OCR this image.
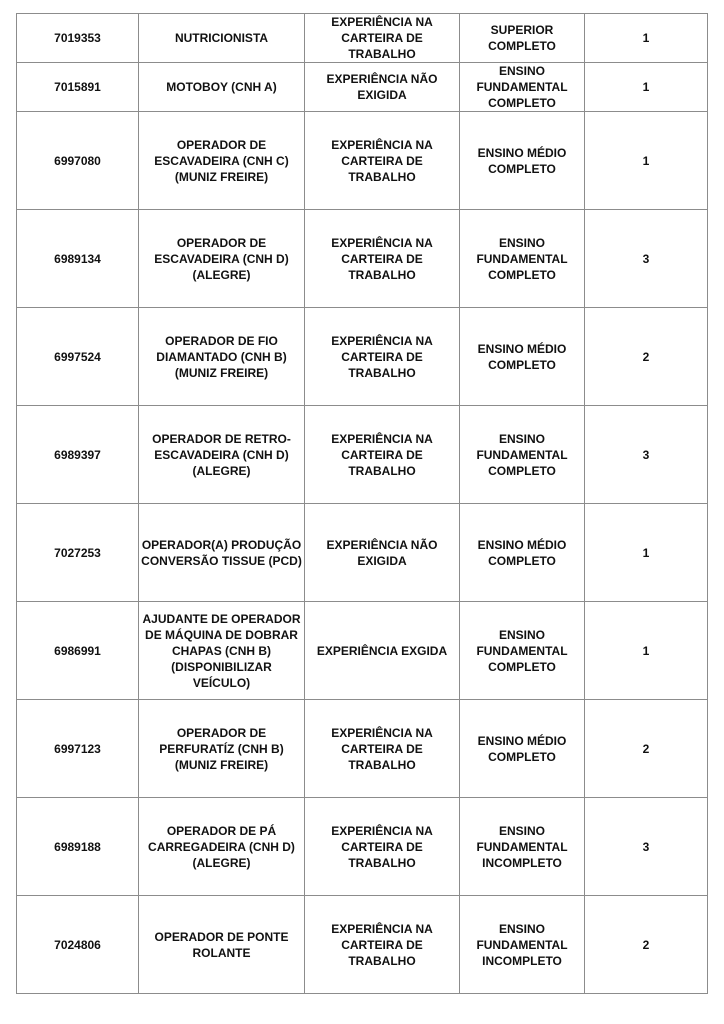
7019353	NUTRICIONISTA	EXPERIÊNCIA NA CARTEIRA DE TRABALHO	SUPERIOR COMPLETO	1
7015891	MOTOBOY (CNH A)	EXPERIÊNCIA NÃO EXIGIDA	ENSINO FUNDAMENTAL COMPLETO	1
6997080	OPERADOR DE ESCAVADEIRA (CNH C) (MUNIZ FREIRE)	EXPERIÊNCIA NA CARTEIRA DE TRABALHO	ENSINO MÉDIO COMPLETO	1
6989134	OPERADOR DE ESCAVADEIRA (CNH D) (ALEGRE)	EXPERIÊNCIA NA CARTEIRA DE TRABALHO	ENSINO FUNDAMENTAL COMPLETO	3
6997524	OPERADOR DE FIO DIAMANTADO (CNH B) (MUNIZ FREIRE)	EXPERIÊNCIA NA CARTEIRA DE TRABALHO	ENSINO MÉDIO COMPLETO	2
6989397	OPERADOR DE RETRO-ESCAVADEIRA (CNH D) (ALEGRE)	EXPERIÊNCIA NA CARTEIRA DE TRABALHO	ENSINO FUNDAMENTAL COMPLETO	3
7027253	OPERADOR(A) PRODUÇÃO CONVERSÃO TISSUE (PCD)	EXPERIÊNCIA NÃO EXIGIDA	ENSINO MÉDIO COMPLETO	1
6986991	AJUDANTE DE OPERADOR DE MÁQUINA DE DOBRAR CHAPAS (CNH B) (DISPONIBILIZAR VEÍCULO)	EXPERIÊNCIA EXGIDA	ENSINO FUNDAMENTAL COMPLETO	1
6997123	OPERADOR DE PERFURATÍZ (CNH B) (MUNIZ FREIRE)	EXPERIÊNCIA NA CARTEIRA DE TRABALHO	ENSINO MÉDIO COMPLETO	2
6989188	OPERADOR DE PÁ CARREGADEIRA (CNH D) (ALEGRE)	EXPERIÊNCIA NA CARTEIRA DE TRABALHO	ENSINO FUNDAMENTAL INCOMPLETO	3
7024806	OPERADOR DE PONTE ROLANTE	EXPERIÊNCIA NA CARTEIRA DE TRABALHO	ENSINO FUNDAMENTAL INCOMPLETO	2
